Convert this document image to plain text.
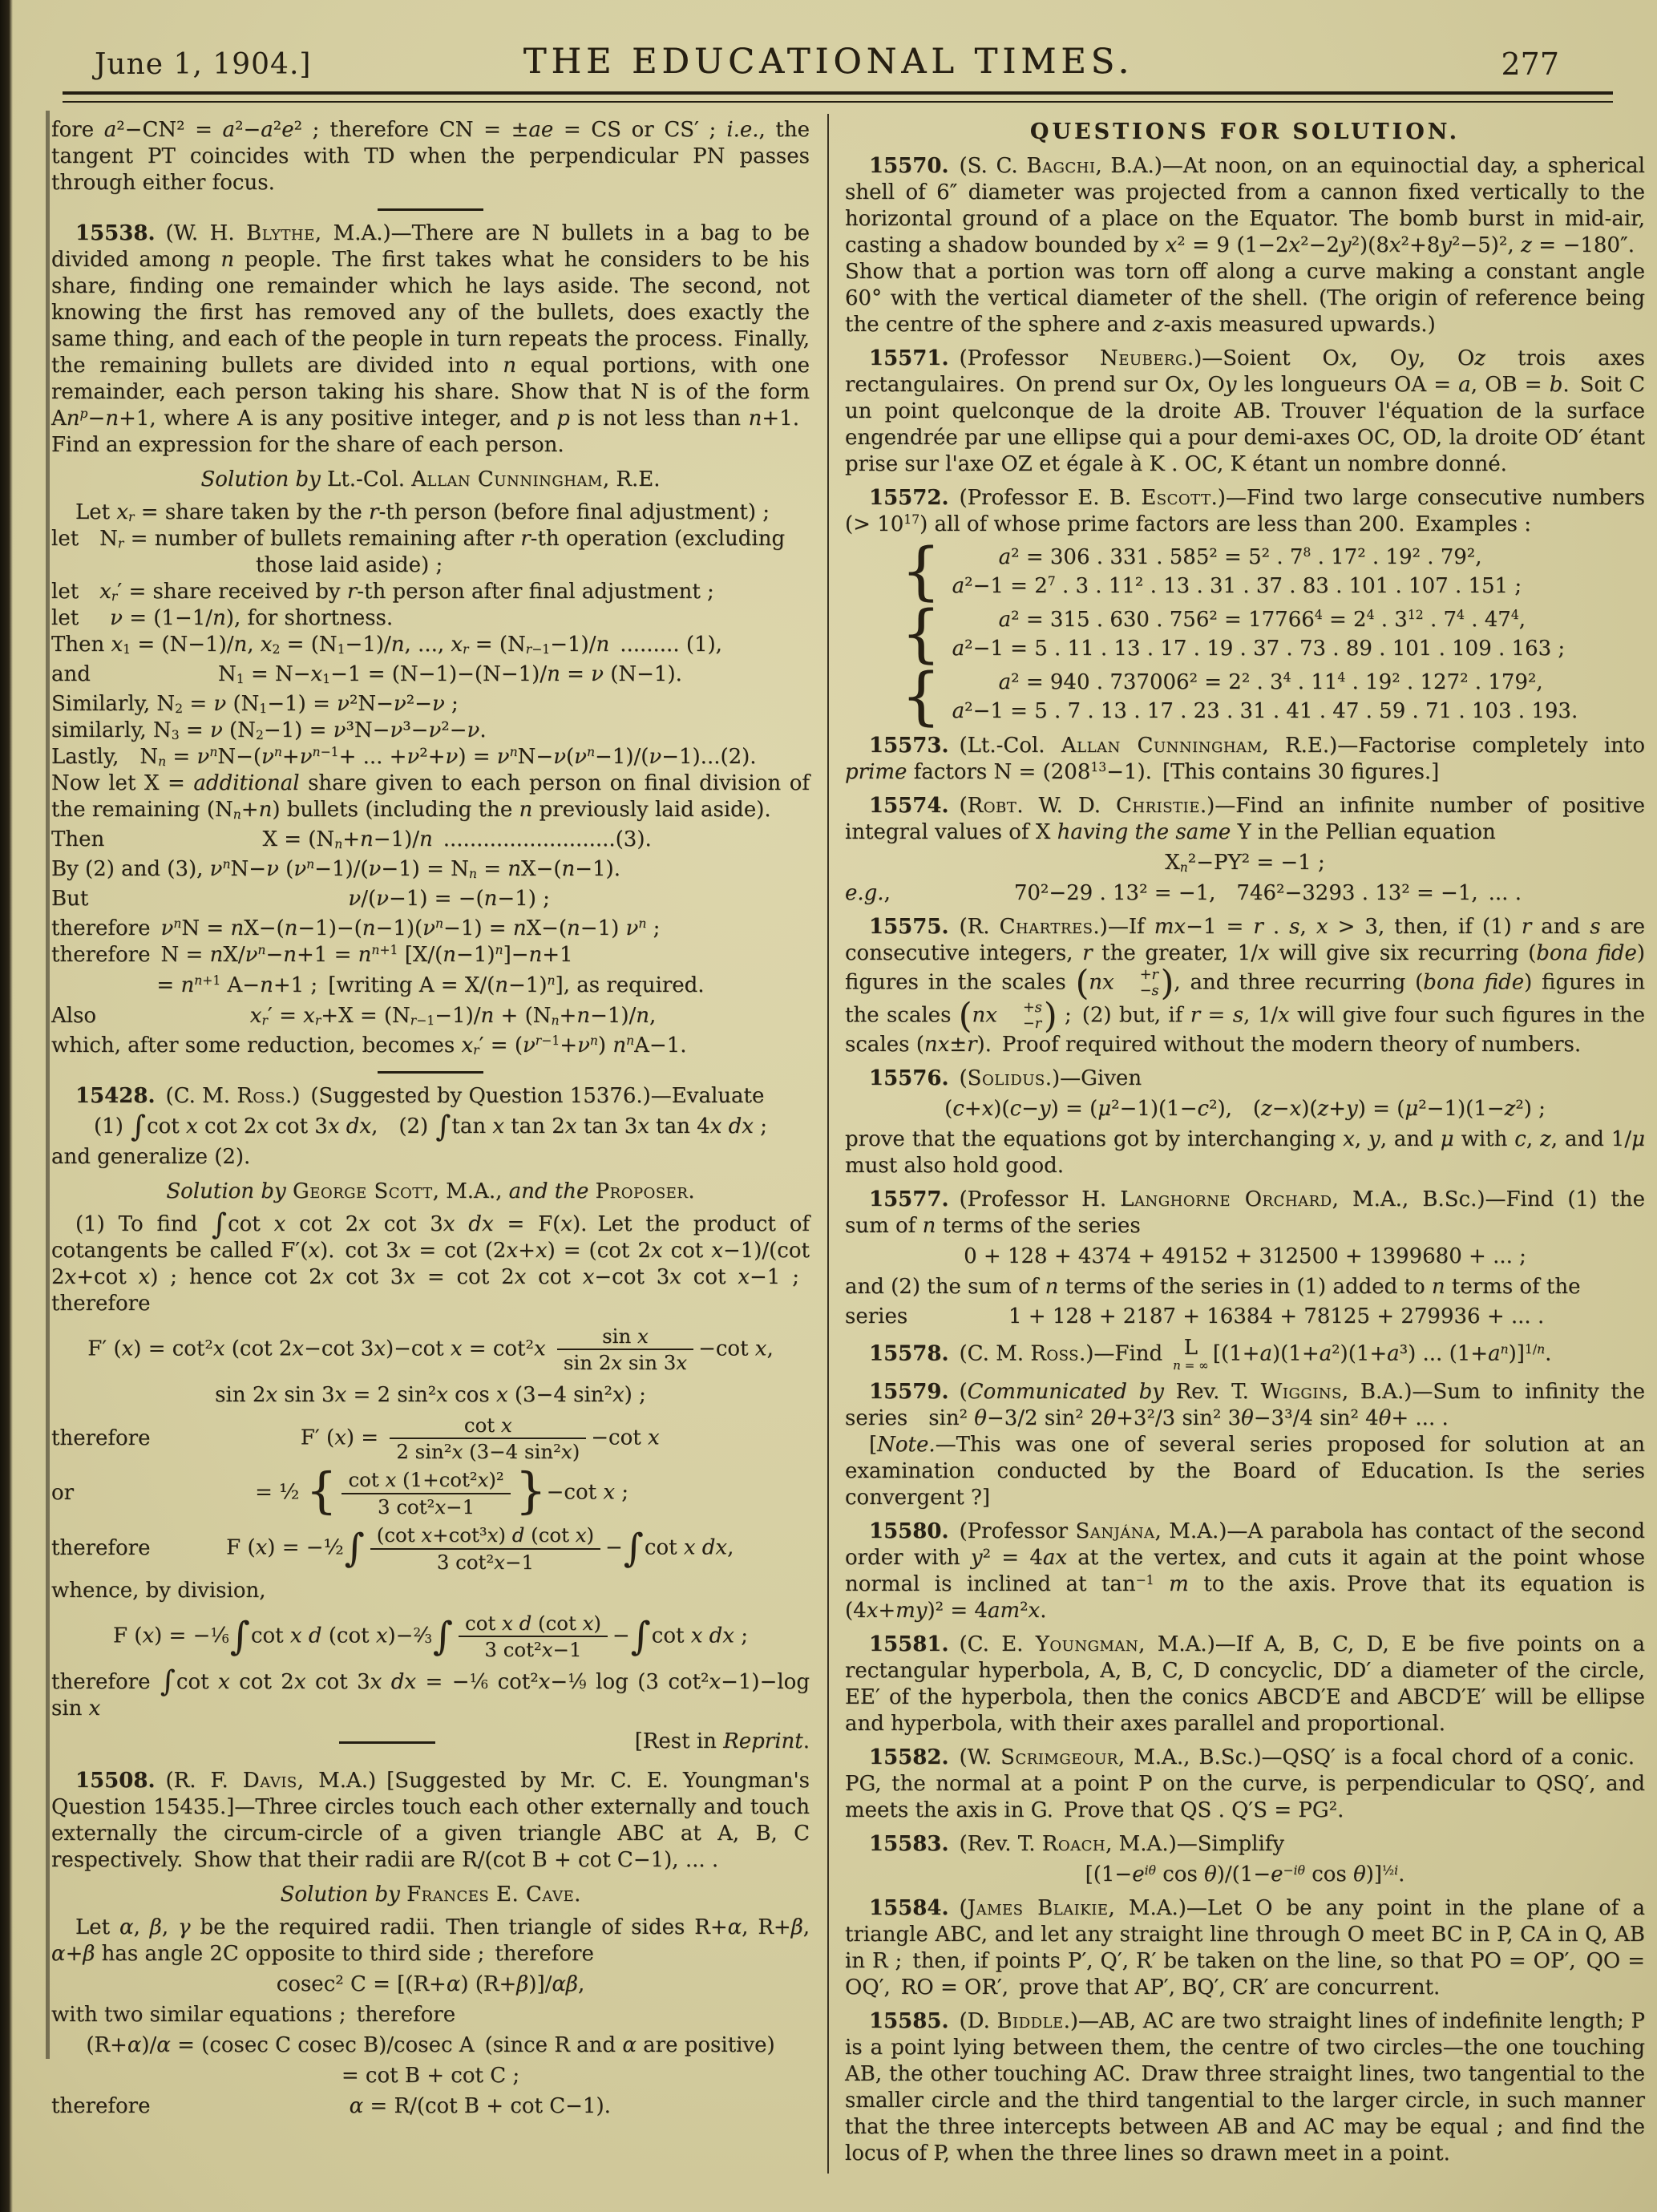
June 1, 1904.]	THE EDUCATIONAL TIMES.	277

fore a²−CN² = a²−a²e² ; therefore CN = ±ae = CS or CS′ ; i.e., the tangent PT coincides with TD when the perpendicular PN passes through either focus.

15538. (W. H. Blythe, M.A.)—There are N bullets in a bag to be divided among n people. The first takes what he considers to be his share, finding one remainder which he lays aside. The second, not knowing the first has removed any of the bullets, does exactly the same thing, and each of the people in turn repeats the process. Finally, the remaining bullets are divided into n equal portions, with one remainder, each person taking his share. Show that N is of the form $An^p-n+1$, where A is any positive integer, and p is not less than n+1. Find an expression for the share of each person.

Solution by Lt.-Col. Allan Cunningham, R.E.

Let $x_r$ = share taken by the r-th person (before final adjustment) ;

let $N_r$ = number of bullets remaining after r-th operation (excluding
those laid aside) ;

let $x_r'$ = share received by r-th person after final adjustment ;

let  ν = (1−1/n), for shortness.

Then $x_1 = (N-1)/n$, $x_2 = (N_1-1)/n$, ..., $x_r = (N_{r-1}-1)/n$ ......... (1),

and	$N_1 = N-x_1-1 = (N-1)-(N-1)/n = \nu$ (N−1).

Similarly, $N_2 = \nu$ $(N_1-1) = \nu^2N-\nu^2-\nu$ ;

similarly, $N_3 = \nu$ $(N_2-1) = \nu^3N-\nu^3-\nu^2-\nu$.

Lastly, $N_n = \nu^nN-(\nu^n+\nu^{n-1}+$ ... $+\nu^2+\nu) = \nu^nN-\nu(\nu^n-1)/(\nu-1)...(2)$.

Now let X = additional share given to each person on final division of the remaining $(N_n+n)$ bullets (including the n previously laid aside).

Then	$X = (N_n+n-1)/n$ ..........................(3).

By (2) and (3), $\nu^nN-\nu$ $(\nu^n-1)/(\nu-1) = N_n = nX-(n-1)$.

But	ν/(ν−1) = −(n−1) ;

therefore $\nu^nN = nX-(n-1)-(n-1)(\nu^n-1) = nX-(n-1)$ $\nu^n$ ;

therefore $N = nX/\nu^n-n+1 = n^{n+1}$ $[X/(n-1)^n]-n+1$

= $n^{n+1}$ A−n+1 ; [writing $A = X/(n-1)^n$], as required.

Also	$x_r' = x_r+X = (N_{r-1}-1)/n + (N_n+n-1)/n$,

which, after some reduction, becomes $x_r' = (\nu^{r-1}+\nu^n)$ $n^nA-1$.

15428. (C. M. Ross.) (Suggested by Question 15376.)—Evaluate

(1) ∫cot x cot 2x cot 3x dx, (2) ∫tan x tan 2x tan 3x tan 4x dx ;

and generalize (2).

Solution by George Scott, M.A., and the Proposer.

(1) To find ∫cot x cot 2x cot 3x dx = F(x). Let the product of cotangents be called F′(x). cot 3x = cot (2x+x) = (cot 2x cot x−1)/(cot 2x+cot x) ; hence cot 2x cot 3x = cot 2x cot x−cot 3x cot x−1 ; therefore

F′ (x) = cot²x (cot 2x−cot 3x)−cot $x = \cot^2x \frac{\text{sin x}}{\text{sin 2x sin 3x}} -\cot$ x,

sin 2x sin 3x = 2 sin²x cos x (3−4 sin²x) ;

therefore	F′ $(x) = \frac{\text{cot x}}{\text{2 sin²x (3−4 sin²x)}} -\cot$ x
or	= ½ { $\frac{\text{cot x (1+cot²x)²}}{\text{3 cot²x−1}} \}-\cot$ x ;
therefore	F (x) = −½∫ $\frac{\text{(cot x+cot³x) d (cot x)}}{\text{3 cot²x−1}} -\int\cot$ x dx,

whence, by division,

F $(x) = -^1⁄_6\int\cot$ x d (cot $x)-^2⁄_3\int \frac{\text{cot x d (cot x)}}{\text{3 cot²x−1}} -\int\cot$ x dx ;

therefore ∫cot x cot 2x cot 3x dx = $-^1⁄_6$ $\cot^2x-^1⁄_9$ log (3 cot²x−1)−log sin x

[Rest in Reprint.

15508. (R. F. Davis, M.A.) [Suggested by Mr. C. E. Youngman's Question 15435.]—Three circles touch each other externally and touch externally the circum-circle of a given triangle ABC at A, B, C respectively. Show that their radii are R/(cot B + cot C−1), ... .

Solution by Frances E. Cave.

Let α, β, γ be the required radii. Then triangle of sides R+α, R+β, α+β has angle 2C opposite to third side ; therefore

cosec² C = [(R+α) (R+β)]/αβ,

with two similar equations ; therefore

(R+α)/α = (cosec C cosec B)/cosec A (since R and α are positive)

= cot B + cot C ;

therefore	α = R/(cot B + cot C−1).

QUESTIONS FOR SOLUTION.

15570. (S. C. Bagchi, B.A.)—At noon, on an equinoctial day, a spherical shell of 6″ diameter was projected from a cannon fixed vertically to the horizontal ground of a place on the Equator. The bomb burst in mid-air, casting a shadow bounded by x² = 9 (1−2x²−2y²)(8x²+8y²−5)², z = −180″. Show that a portion was torn off along a curve making a constant angle 60° with the vertical diameter of the shell. (The origin of reference being the centre of the sphere and z-axis measured upwards.)

15571. (Professor Neuberg.)—Soient Ox, Oy, Oz trois axes rectangulaires. On prend sur Ox, Oy les longueurs OA = a, OB = b. Soit C un point quelconque de la droite AB. Trouver l'équation de la surface engendrée par une ellipse qui a pour demi-axes OC, OD, la droite OD′ étant prise sur l'axe OZ et égale à K . OC, K étant un nombre donné.

15572. (Professor E. B. Escott.)—Find two large consecutive numbers (> $10^{17}$) all of whose prime factors are less than 200. Examples :

{	a² = 306 . 331 . 585² = 5² . $7^8$ . 17² . 19² . 79²,

$a^2-1 = 2^7$ . 3 . 11² . 13 . 31 . 37 . 83 . 101 . 107 . 151 ;

{	a² = 315 . 630 . $756^2 = 17766^4 = 2^4$ . $3^{12}$ . $7^4$ . $47^4$,

a²−1 = 5 . 11 . 13 . 17 . 19 . 37 . 73 . 89 . 101 . 109 . 163 ;

{	a² = 940 . 737006² = 2² . $3^4$ . $11^4$ . 19² . 127² . 179²,

a²−1 = 5 . 7 . 13 . 17 . 23 . 31 . 41 . 47 . 59 . 71 . 103 . 193.

15573. (Lt.-Col. Allan Cunningham, R.E.)—Factorise completely into prime factors $N = (208^{13}-1)$. [This contains 30 figures.]

15574. (Robt. W. D. Christie.)—Find an infinite number of positive integral values of X having the same Y in the Pellian equation

$X_n^2-PY^2 = -1$ ;

e.g.,	70²−29 . 13² = −1, 746²−3293 . 13² = −1, ... .

15575. (R. Chartres.)—If mx−1 = r . s, x > 3, then, if (1) r and s are consecutive integers, r the greater, 1/x will give six recurring (bona fide) figures in the scales (nx	+r
−s ), and three recurring (bona fide) figures in the scales (nx	+s
−r ) ; (2) but, if r = s, 1/x will give four such figures in the scales (nx±r). Proof required without the modern theory of numbers.

15576. (Solidus.)—Given

(c+x)(c−y) = (μ²−1)(1−c²), (z−x)(z+y) = (μ²−1)(1−z²) ;

prove that the equations got by interchanging x, y, and μ with c, z, and 1/μ must also hold good.

15577. (Professor H. Langhorne Orchard, M.A., B.Sc.)—Find (1) the sum of n terms of the series

0 + 128 + 4374 + 49152 + 312500 + 1399680 + ... ;

and (2) the sum of n terms of the series in (1) added to n terms of the

series	1 + 128 + 2187 + 16384 + 78125 + 279936 + ... .

15578. (C. M. Ross.)—Find  L
n = ∞  [(1+a)(1+a²)(1+a³) ... $(1+a^n)]^{1/n}$.

15579. (Communicated by Rev. T. Wiggins, B.A.)—Sum to infinity the series sin² θ−3/2 sin² 2θ+3²/3 sin² 3θ−3³/4 sin² 4θ+ ... .

[Note.—This was one of several series proposed for solution at an examination conducted by the Board of Education. Is the series convergent ?]

15580. (Professor Sanjána, M.A.)—A parabola has contact of the second order with y² = 4ax at the vertex, and cuts it again at the point whose normal is inclined at $\tan^{-1} m$ to the axis. Prove that its equation is (4x+my)² = 4am²x.

15581. (C. E. Youngman, M.A.)—If A, B, C, D, E be five points on a rectangular hyperbola, A, B, C, D concyclic, DD′ a diameter of the circle, EE′ of the hyperbola, then the conics ABCD′E and ABCD′E′ will be ellipse and hyperbola, with their axes parallel and proportional.

15582. (W. Scrimgeour, M.A., B.Sc.)—QSQ′ is a focal chord of a conic. PG, the normal at a point P on the curve, is perpendicular to QSQ′, and meets the axis in G. Prove that QS . Q′S = PG².

15583. (Rev. T. Roach, M.A.)—Simplify

[($1-e^{i\theta}$ $\cos \theta)/(1-e^{-i\theta}$ cos θ)]$^{\frac{1}{2}i}$.

15584. (James Blaikie, M.A.)—Let O be any point in the plane of a triangle ABC, and let any straight line through O meet BC in P, CA in Q, AB in R ; then, if points P′, Q′, R′ be taken on the line, so that PO = OP′, QO = OQ′, RO = OR′, prove that AP′, BQ′, CR′ are concurrent.

15585. (D. Biddle.)—AB, AC are two straight lines of indefinite length; P is a point lying between them, the centre of two circles—the one touching AB, the other touching AC. Draw three straight lines, two tangential to the smaller circle and the third tangential to the larger circle, in such manner that the three intercepts between AB and AC may be equal ; and find the locus of P, when the three lines so drawn meet in a point.
